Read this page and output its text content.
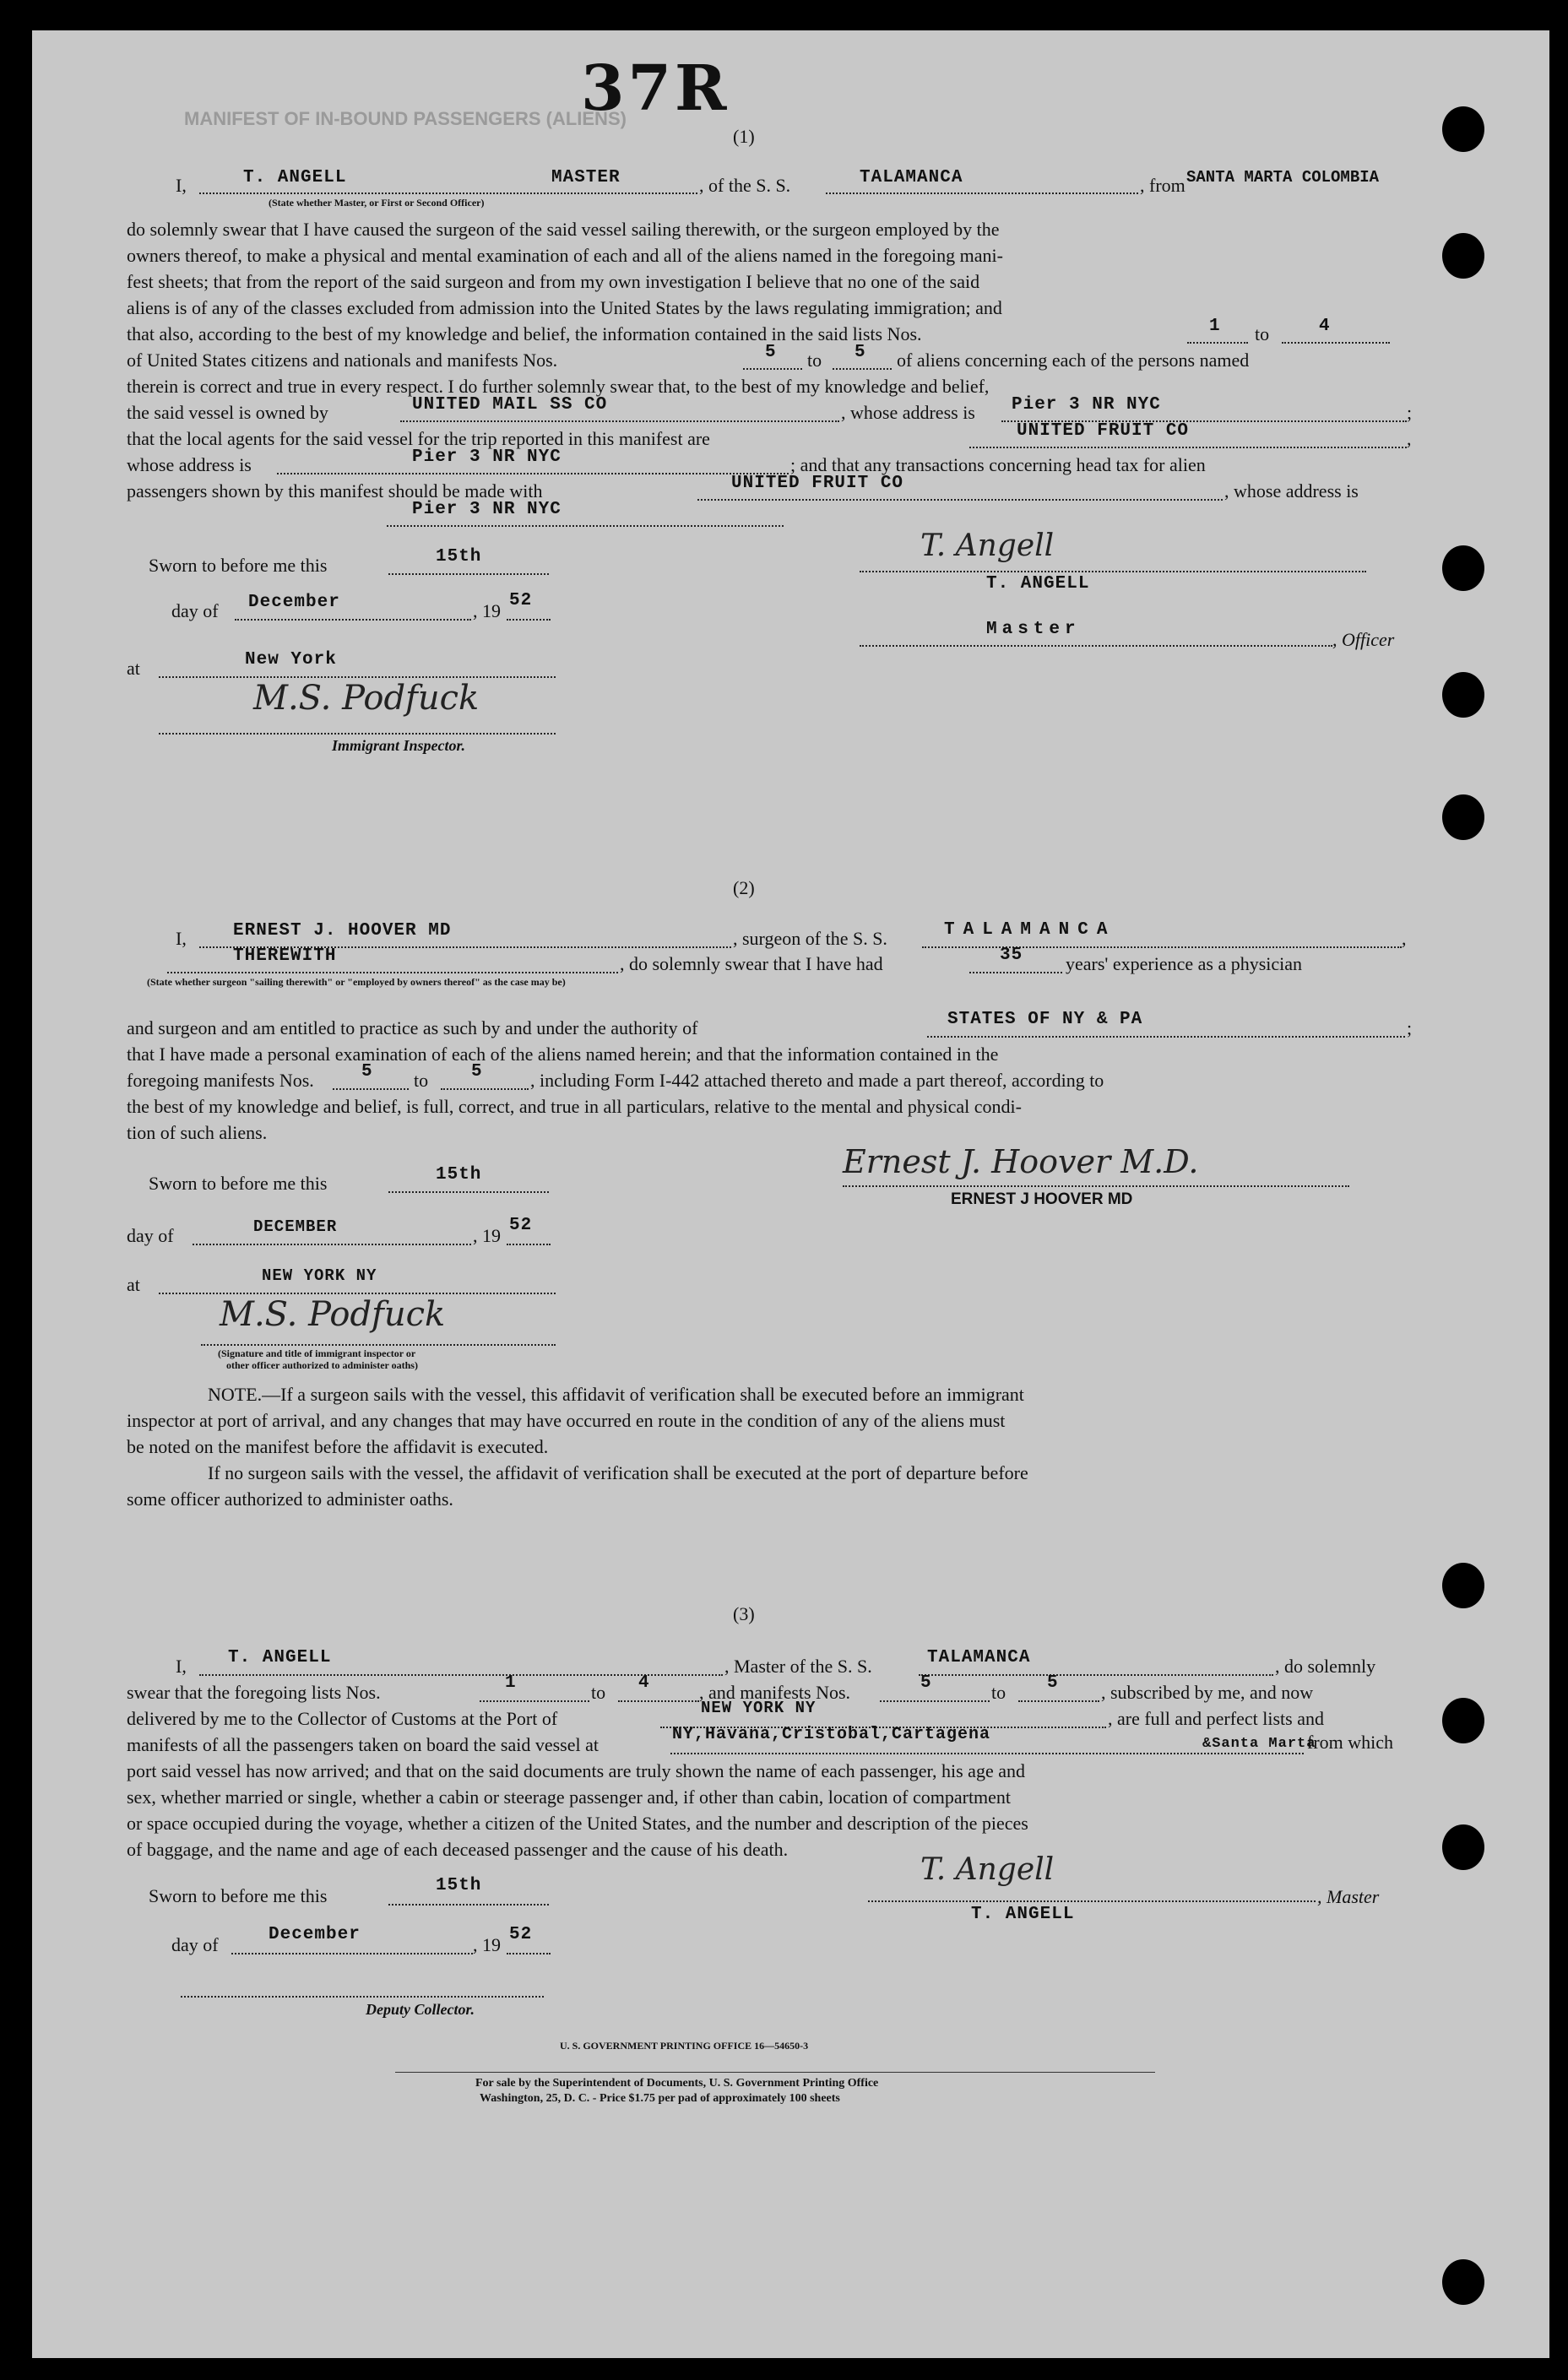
MANIFEST OF IN-BOUND PASSENGERS (ALIENS)
37R
(1)
I,	T. ANGELL	MASTER	, of the S. S.	TALAMANCA	, from SANTA MARTA COLOMBIA
(State whether Master, or First or Second Officer)
do solemnly swear that I have caused the surgeon of the said vessel sailing therewith, or the surgeon employed by the
owners thereof, to make a physical and mental examination of each and all of the aliens named in the foregoing mani-
fest sheets; that from the report of the said surgeon and from my own investigation I believe that no one of the said
aliens is of any of the classes excluded from admission into the United States by the laws regulating immigration; and
that also, according to the best of my knowledge and belief, the information contained in the said lists Nos.	1 to	4
of United States citizens and nationals and manifests Nos.	5 to 5 of aliens concerning each of the persons named
therein is correct and true in every respect. I do further solemnly swear that, to the best of my knowledge and belief,
the said vessel is owned by	UNITED MAIL SS CO	, whose address is Pier 3 NR NYC	;
that the local agents for the said vessel for the trip reported in this manifest are	UNITED FRUIT CO	,
whose address is	Pier 3 NR NYC	; and that any transactions concerning head tax for alien
passengers shown by this manifest should be made with	UNITED FRUIT CO	, whose address is
Pier 3 NR NYC
Sworn to before me this	15th
day of December	, 19 52
at	New York
M.S. Podfuck
Immigrant Inspector.
T. Angell
T. ANGELL
Master	, Officer
(2)
I,	ERNEST J. HOOVER MD	, surgeon of the S. S.	TALAMANCA	,
THEREWITH	, do solemnly swear that I have had	35 years' experience as a physician
(State whether surgeon "sailing therewith" or "employed by owners thereof" as the case may be)
and surgeon and am entitled to practice as such by and under the authority of	STATES OF NY & PA	;
that I have made a personal examination of each of the aliens named herein; and that the information contained in the
foregoing manifests Nos.	5 to 5	, including Form I-442 attached thereto and made a part thereof, according to
the best of my knowledge and belief, is full, correct, and true in all particulars, relative to the mental and physical condi-
tion of such aliens.
Sworn to before me this	15th	Ernest J. Hoover M.D.
ERNEST J HOOVER MD
day of	DECEMBER	, 19 52
at	NEW YORK NY
M.S. Podfuck
(Signature and title of immigrant inspector or
other officer authorized to administer oaths)
NOTE.—If a surgeon sails with the vessel, this affidavit of verification shall be executed before an immigrant
inspector at port of arrival, and any changes that may have occurred en route in the condition of any of the aliens must
be noted on the manifest before the affidavit is executed.
If no surgeon sails with the vessel, the affidavit of verification shall be executed at the port of departure before
some officer authorized to administer oaths.
(3)
I, T. ANGELL	, Master of the S. S.	TALAMANCA	, do solemnly
swear that the foregoing lists Nos.	1	to 4	, and manifests Nos.	5	to 5 , subscribed by me, and now
delivered by me to the Collector of Customs at the Port of	NEW YORK NY	, are full and perfect lists and
manifests of all the passengers taken on board the said vessel at	NY,Havana,Cristobal,Cartagena	&Santa Marta
from which
port said vessel has now arrived; and that on the said documents are truly shown the name of each passenger, his age and
sex, whether married or single, whether a cabin or steerage passenger and, if other than cabin, location of compartment
or space occupied during the voyage, whether a citizen of the United States, and the number and description of the pieces
of baggage, and the name and age of each deceased passenger and the cause of his death.
Sworn to before me this	15th	T. Angell
, Master
T. ANGELL
day of	December	, 19 52
Deputy Collector.
U. S. GOVERNMENT PRINTING OFFICE 16—54650-3
For sale by the Superintendent of Documents, U. S. Government Printing Office
Washington, 25, D. C. - Price $1.75 per pad of approximately 100 sheets
